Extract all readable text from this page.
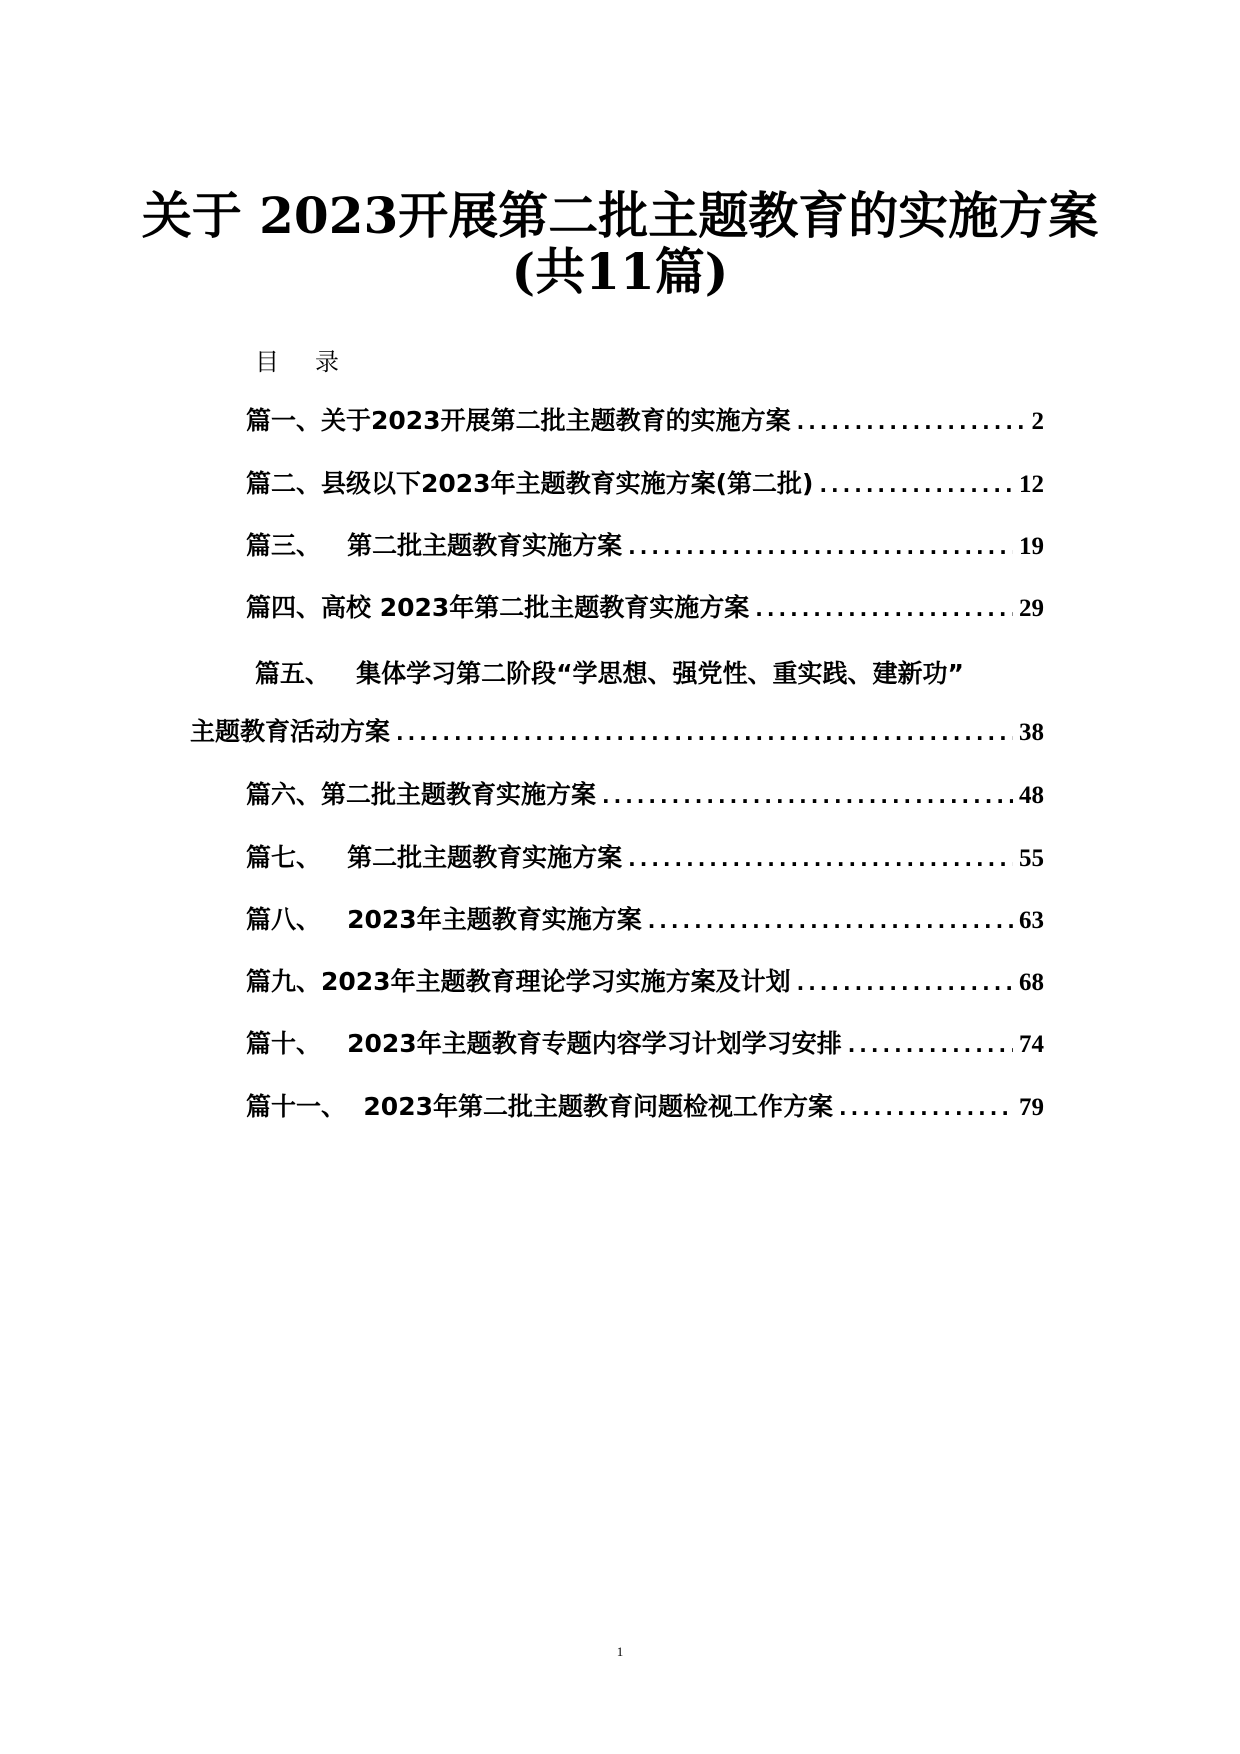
关于 2023开展第二批主题教育的实施方案
(共11篇)
目录
篇一、关于2023开展第二批主题教育的实施方案 .....	2
篇二、县级以下2023年主题教育实施方案(第二批) .....	12
篇三、   第二批主题教育实施方案 .....	19
篇四、高校 2023年第二批主题教育实施方案 .....	29
篇五、   集体学习第二阶段“学思想、强党性、重实践、建新功”
主题教育活动方案 .....	38
篇六、第二批主题教育实施方案 .....	48
篇七、   第二批主题教育实施方案 .....	55
篇八、   2023年主题教育实施方案 .....	63
篇九、2023年主题教育理论学习实施方案及计划 .....	68
篇十、   2023年主题教育专题内容学习计划学习安排 .....	74
篇十一、  2023年第二批主题教育问题检视工作方案 .....	79
1
